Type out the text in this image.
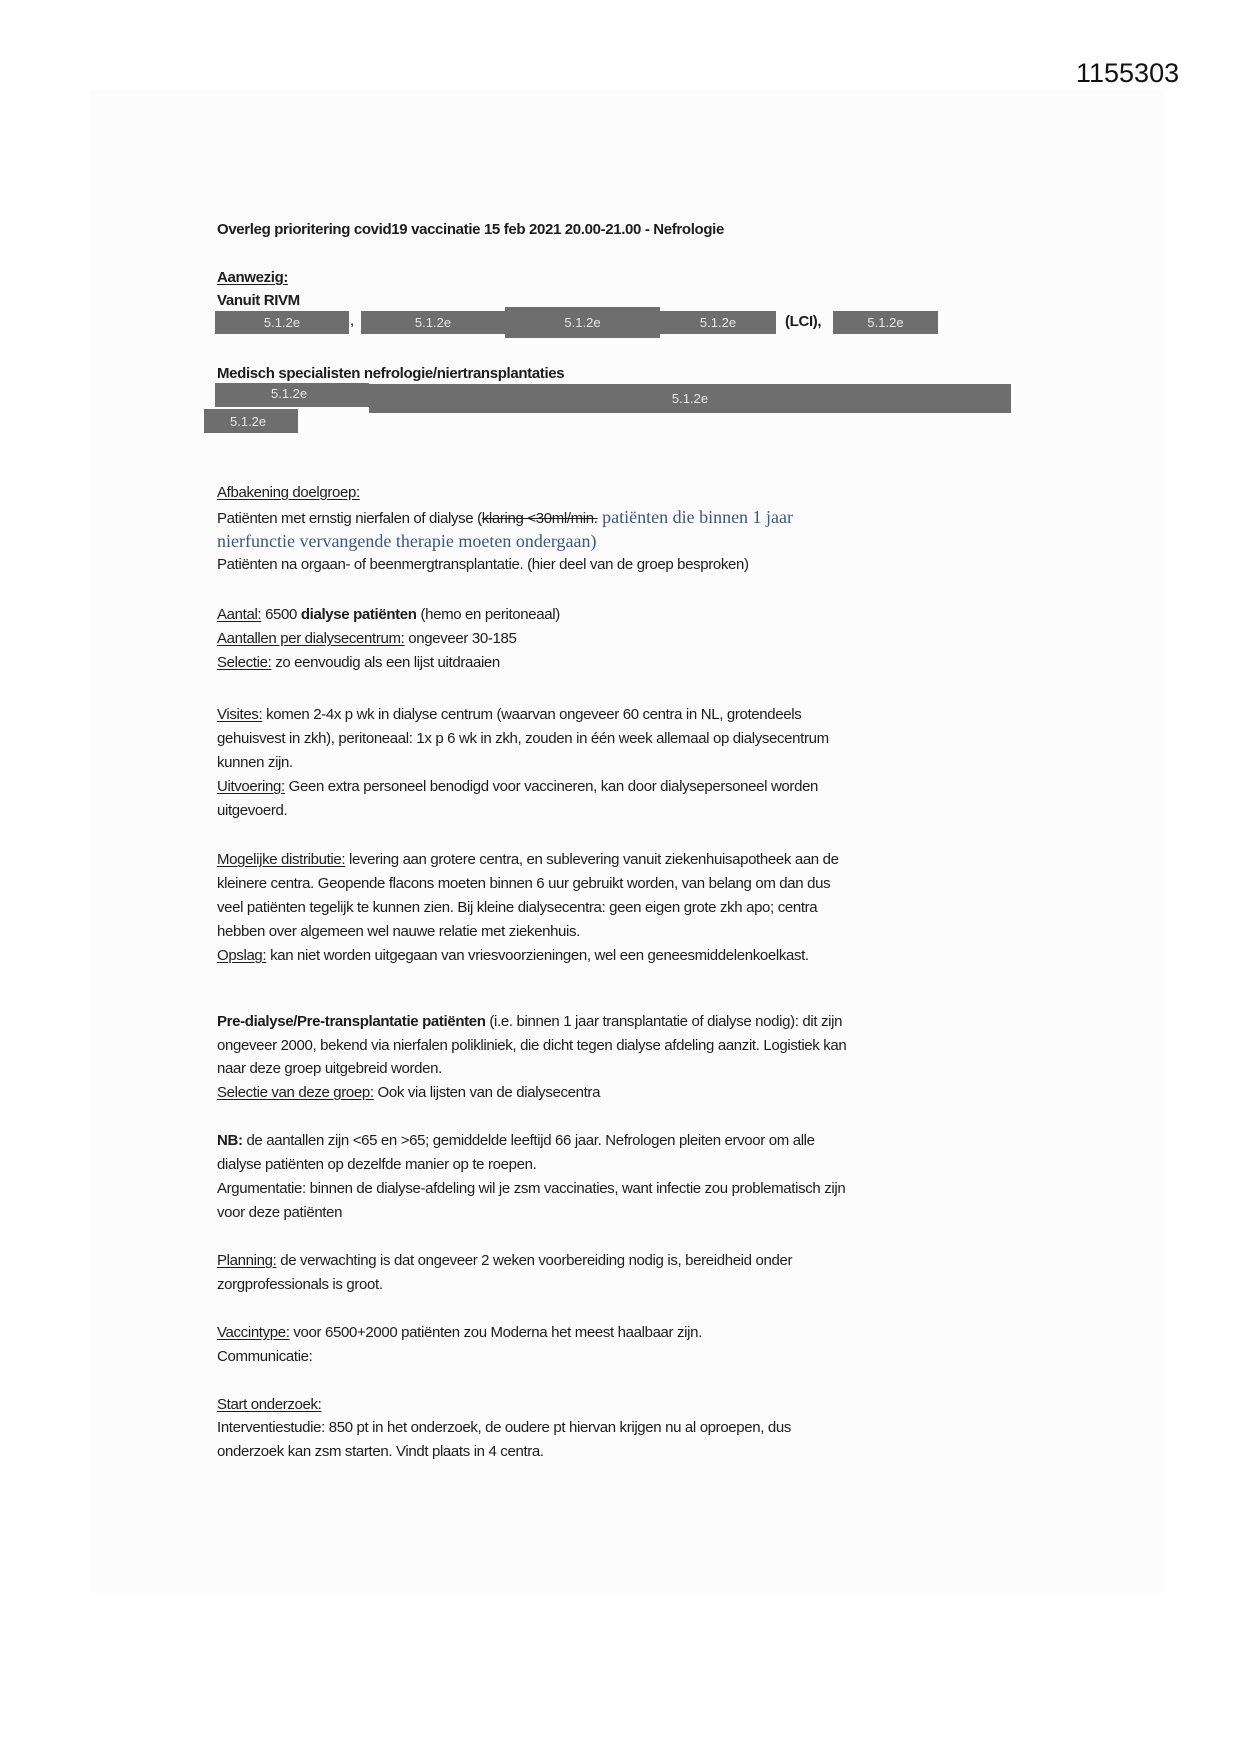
1155303
Overleg prioritering covid19 vaccinatie 15 feb 2021 20.00-21.00 - Nefrologie
Aanwezig:
Vanuit RIVM
5.1.2e	,	5.1.2e	5.1.2e	5.1.2e	(LCI),	5.1.2e
Medisch specialisten nefrologie/niertransplantaties
5.1.2e
5.1.2e
5.1.2e
Afbakening doelgroep:
Patiënten met ernstig nierfalen of dialyse (klaring <30ml/min. patiënten die binnen 1 jaar
nierfunctie vervangende therapie moeten ondergaan)
Patiënten na orgaan- of beenmergtransplantatie. (hier deel van de groep besproken)
Aantal: 6500 dialyse patiënten (hemo en peritoneaal)
Aantallen per dialysecentrum: ongeveer 30-185
Selectie: zo eenvoudig als een lijst uitdraaien
Visites: komen 2-4x p wk in dialyse centrum (waarvan ongeveer 60 centra in NL, grotendeels
gehuisvest in zkh), peritoneaal: 1x p 6 wk in zkh, zouden in één week allemaal op dialysecentrum
kunnen zijn.
Uitvoering: Geen extra personeel benodigd voor vaccineren, kan door dialysepersoneel worden
uitgevoerd.
Mogelijke distributie: levering aan grotere centra, en sublevering vanuit ziekenhuisapotheek aan de
kleinere centra. Geopende flacons moeten binnen 6 uur gebruikt worden, van belang om dan dus
veel patiënten tegelijk te kunnen zien. Bij kleine dialysecentra: geen eigen grote zkh apo; centra
hebben over algemeen wel nauwe relatie met ziekenhuis.
Opslag: kan niet worden uitgegaan van vriesvoorzieningen, wel een geneesmiddelenkoelkast.
Pre-dialyse/Pre-transplantatie patiënten (i.e. binnen 1 jaar transplantatie of dialyse nodig): dit zijn
ongeveer 2000, bekend via nierfalen polikliniek, die dicht tegen dialyse afdeling aanzit. Logistiek kan
naar deze groep uitgebreid worden.
Selectie van deze groep: Ook via lijsten van de dialysecentra
NB: de aantallen zijn <65 en >65; gemiddelde leeftijd 66 jaar. Nefrologen pleiten ervoor om alle
dialyse patiënten op dezelfde manier op te roepen.
Argumentatie: binnen de dialyse-afdeling wil je zsm vaccinaties, want infectie zou problematisch zijn
voor deze patiënten
Planning: de verwachting is dat ongeveer 2 weken voorbereiding nodig is, bereidheid onder
zorgprofessionals is groot.
Vaccintype: voor 6500+2000 patiënten zou Moderna het meest haalbaar zijn.
Communicatie:
Start onderzoek:
Interventiestudie: 850 pt in het onderzoek, de oudere pt hiervan krijgen nu al oproepen, dus
onderzoek kan zsm starten. Vindt plaats in 4 centra.
